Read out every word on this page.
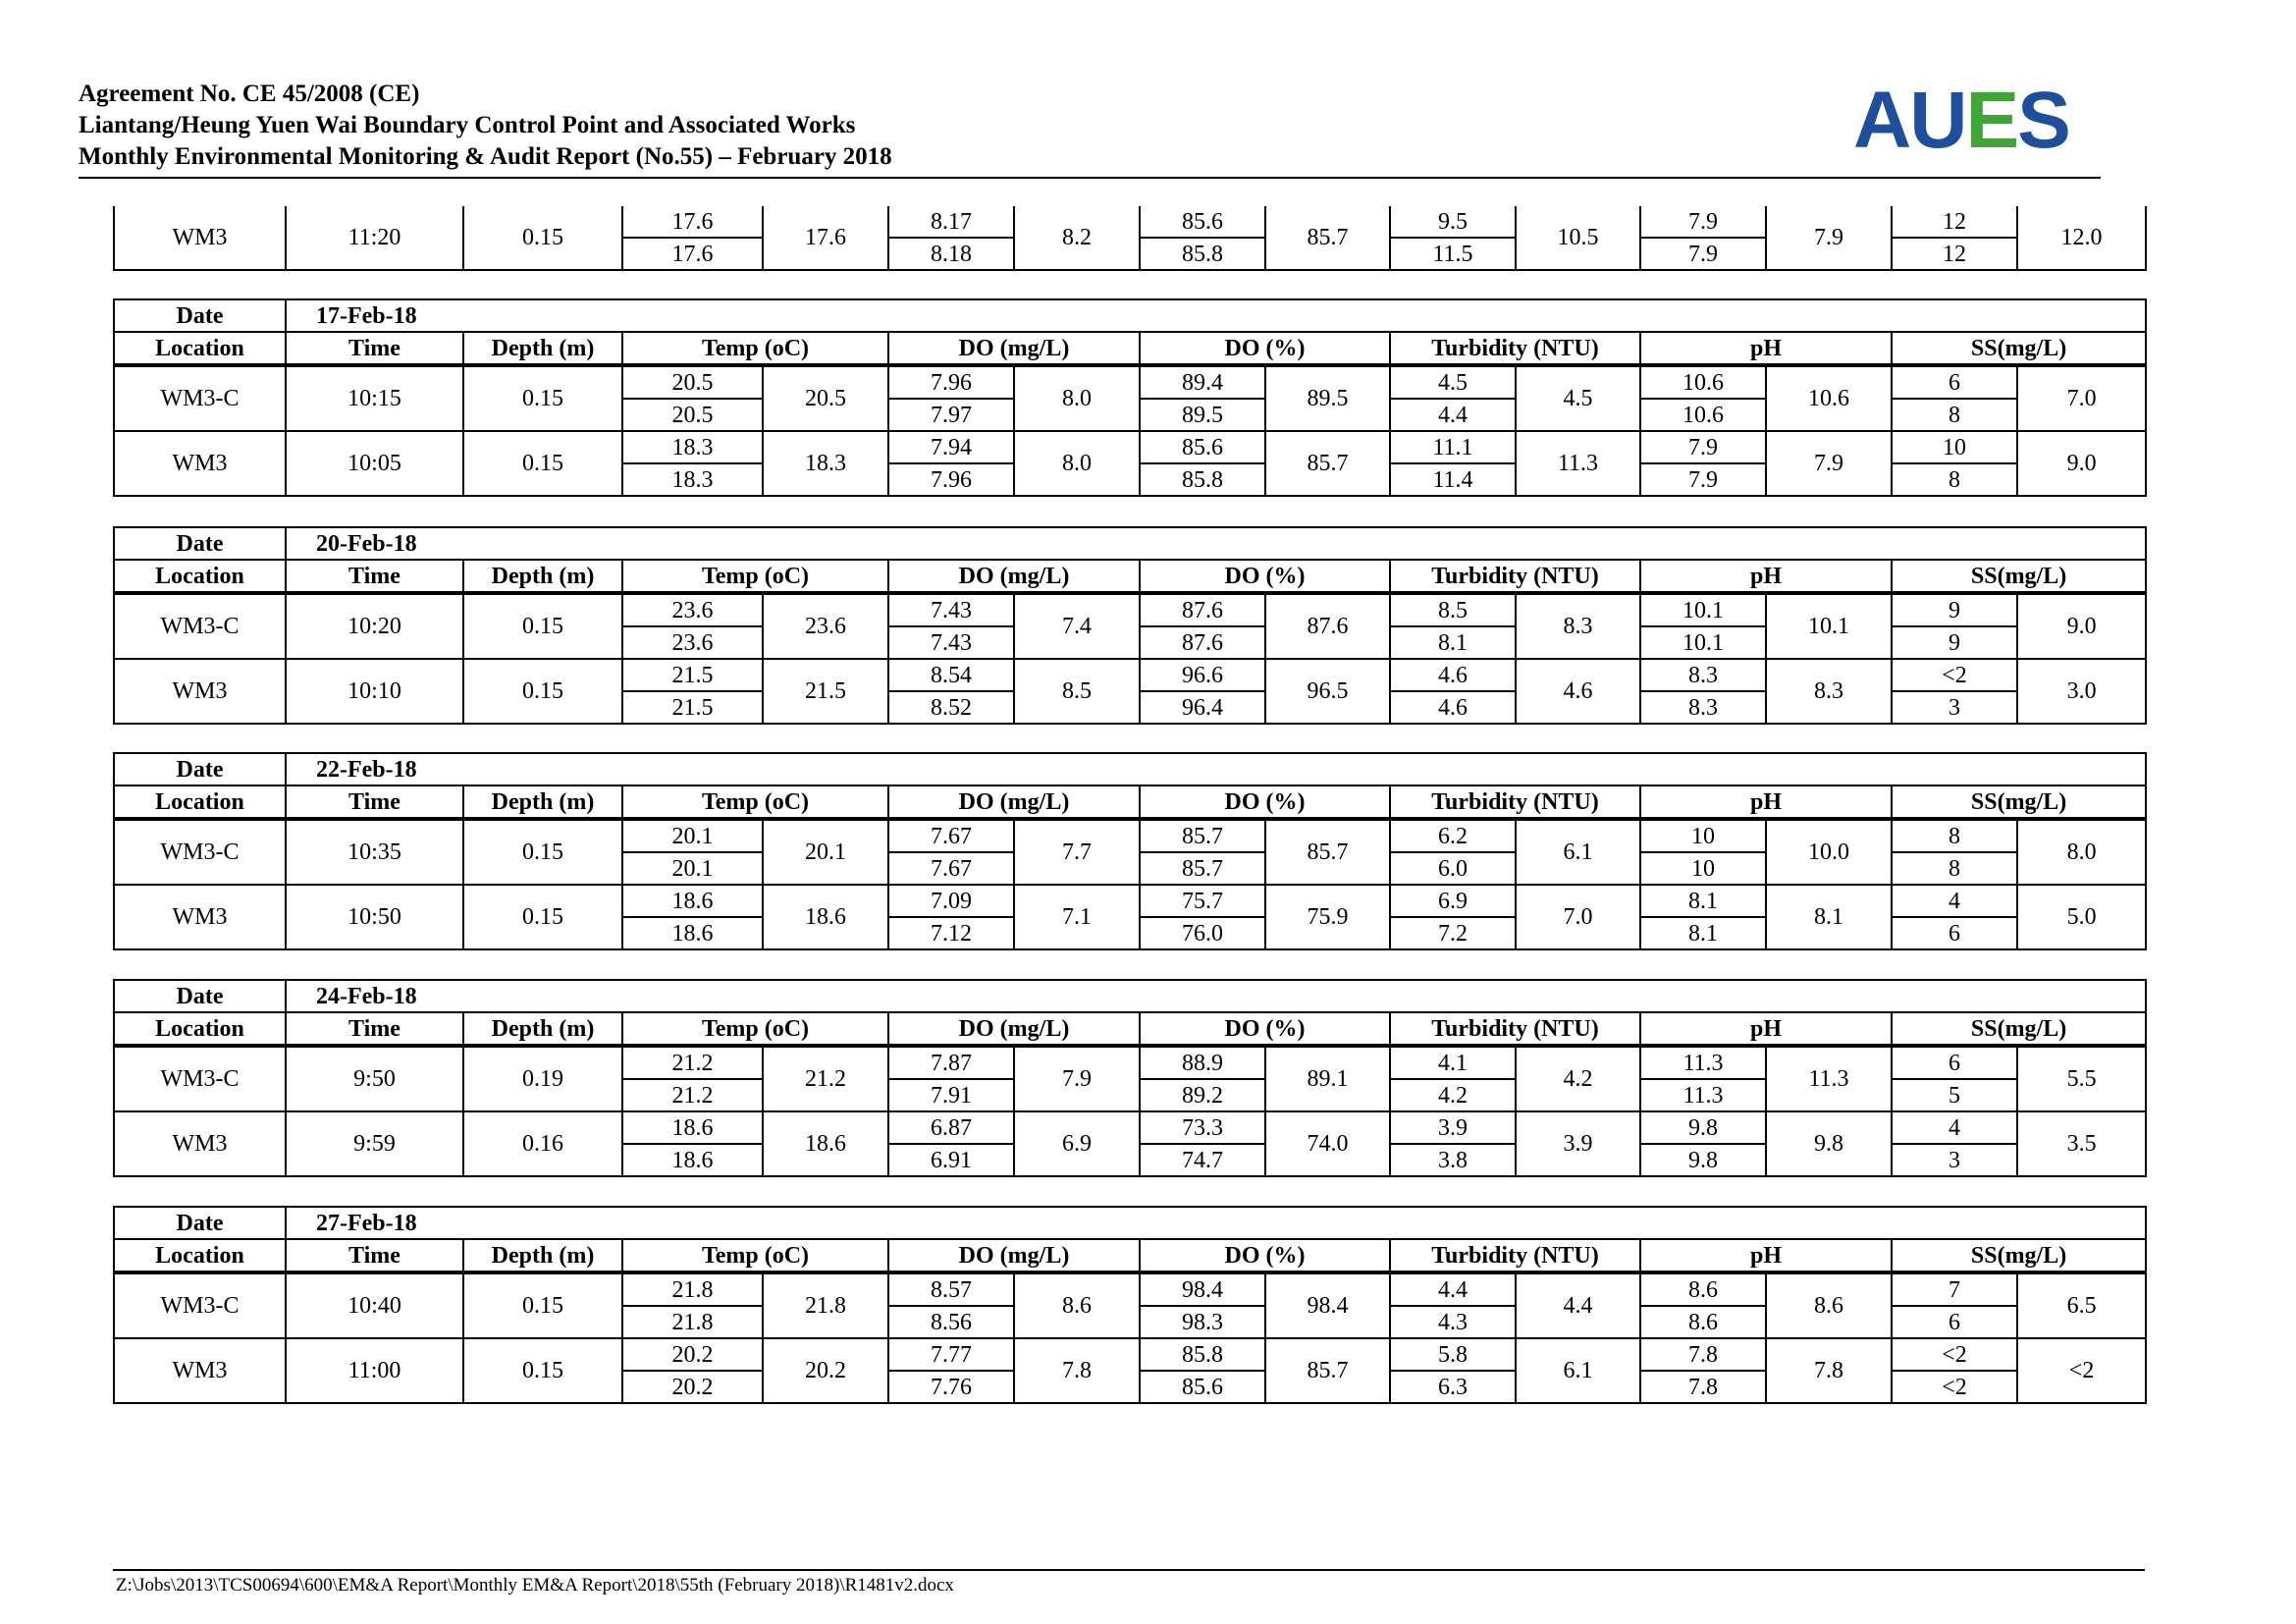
Agreement No. CE 45/2008 (CE)
Liantang/Heung Yuen Wai Boundary Control Point and Associated Works
Monthly Environmental Monitoring & Audit Report (No.55) – February 2018	AUES
WM3	11:20	0.15	17.6	17.6	8.17	8.2	85.6	85.7	9.5	10.5	7.9	7.9	12	12.0
			17.6		8.18		85.8		11.5		7.9		12	
Date	17-Feb-18													
Location	Time	Depth (m)	Temp (oC)		DO (mg/L)		DO (%)		Turbidity (NTU)		pH		SS(mg/L)	
WM3-C	10:15	0.15	20.5	20.5	7.96	8.0	89.4	89.5	4.5	4.5	10.6	10.6	6	7.0
			20.5		7.97		89.5		4.4		10.6		8	
WM3	10:05	0.15	18.3	18.3	7.94	8.0	85.6	85.7	11.1	11.3	7.9	7.9	10	9.0
			18.3		7.96		85.8		11.4		7.9		8	
Date	20-Feb-18													
Location	Time	Depth (m)	Temp (oC)		DO (mg/L)		DO (%)		Turbidity (NTU)		pH		SS(mg/L)	
WM3-C	10:20	0.15	23.6	23.6	7.43	7.4	87.6	87.6	8.5	8.3	10.1	10.1	9	9.0
			23.6		7.43		87.6		8.1		10.1		9	
WM3	10:10	0.15	21.5	21.5	8.54	8.5	96.6	96.5	4.6	4.6	8.3	8.3	<2	3.0
			21.5		8.52		96.4		4.6		8.3		3	
Date	22-Feb-18													
Location	Time	Depth (m)	Temp (oC)		DO (mg/L)		DO (%)		Turbidity (NTU)		pH		SS(mg/L)	
WM3-C	10:35	0.15	20.1	20.1	7.67	7.7	85.7	85.7	6.2	6.1	10	10.0	8	8.0
			20.1		7.67		85.7		6.0		10		8	
WM3	10:50	0.15	18.6	18.6	7.09	7.1	75.7	75.9	6.9	7.0	8.1	8.1	4	5.0
			18.6		7.12		76.0		7.2		8.1		6	
Date	24-Feb-18													
Location	Time	Depth (m)	Temp (oC)		DO (mg/L)		DO (%)		Turbidity (NTU)		pH		SS(mg/L)	
WM3-C	9:50	0.19	21.2	21.2	7.87	7.9	88.9	89.1	4.1	4.2	11.3	11.3	6	5.5
			21.2		7.91		89.2		4.2		11.3		5	
WM3	9:59	0.16	18.6	18.6	6.87	6.9	73.3	74.0	3.9	3.9	9.8	9.8	4	3.5
			18.6		6.91		74.7		3.8		9.8		3	
Date	27-Feb-18													
Location	Time	Depth (m)	Temp (oC)		DO (mg/L)		DO (%)		Turbidity (NTU)		pH		SS(mg/L)	
WM3-C	10:40	0.15	21.8	21.8	8.57	8.6	98.4	98.4	4.4	4.4	8.6	8.6	7	6.5
			21.8		8.56		98.3		4.3		8.6		6	
WM3	11:00	0.15	20.2	20.2	7.77	7.8	85.8	85.7	5.8	6.1	7.8	7.8	<2	<2
			20.2		7.76		85.6		6.3		7.8		<2	
Z:\Jobs\2013\TCS00694\600\EM&A Report\Monthly EM&A Report\2018\55th (February 2018)\R1481v2.docx
